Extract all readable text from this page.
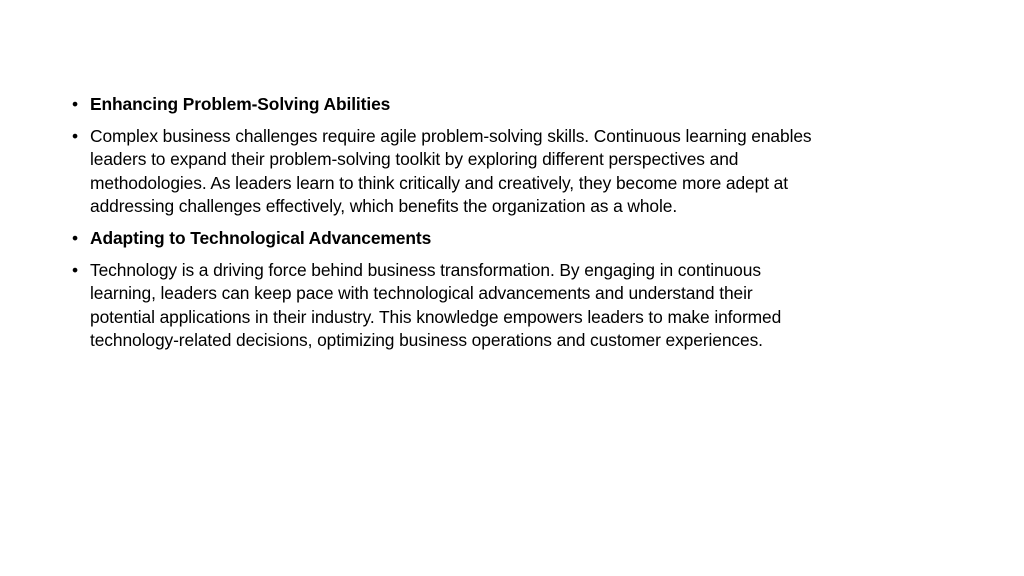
• Enhancing Problem-Solving Abilities
• Complex business challenges require agile problem-solving skills. Continuous learning enables leaders to expand their problem-solving toolkit by exploring different perspectives and methodologies. As leaders learn to think critically and creatively, they become more adept at addressing challenges effectively, which benefits the organization as a whole.
• Adapting to Technological Advancements
• Technology is a driving force behind business transformation. By engaging in continuous learning, leaders can keep pace with technological advancements and understand their potential applications in their industry. This knowledge empowers leaders to make informed technology-related decisions, optimizing business operations and customer experiences.
